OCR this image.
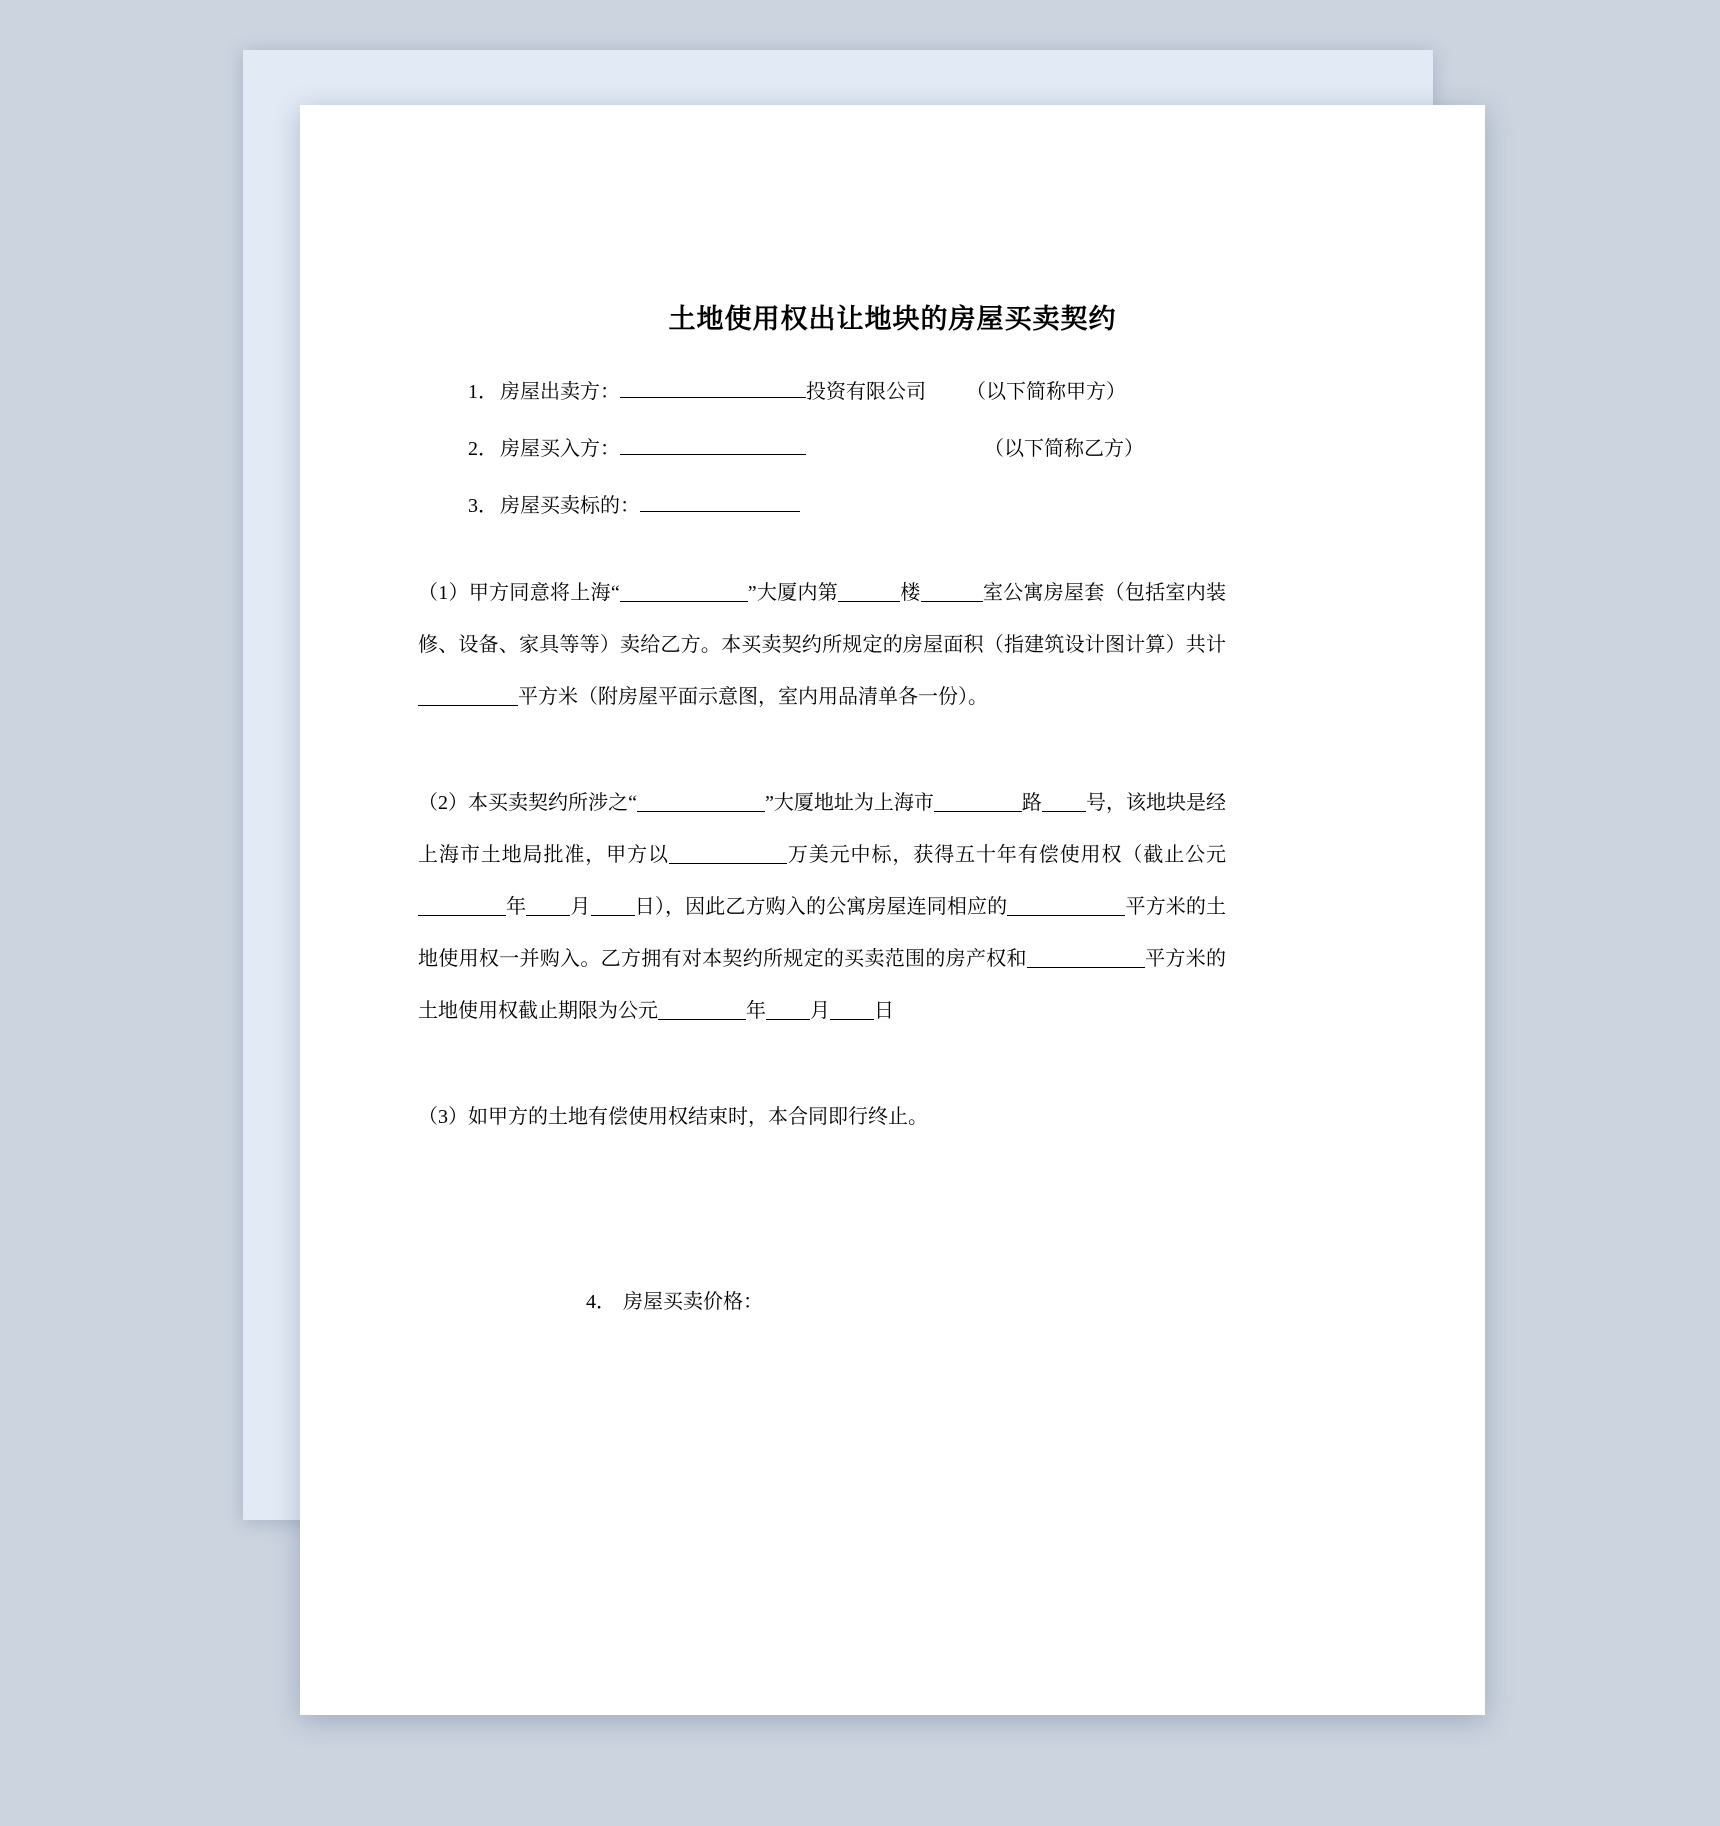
土地使用权出让地块的房屋买卖契约
1． 房屋出卖方：	投资有限公司 （以下简称甲方）
2． 房屋买入方：	（以下简称乙方）
3． 房屋买卖标的：

（1）甲方同意将上海“	”大厦内第	楼	室公寓房屋套（包括室内装修、设备、家具等等）卖给乙方。本买卖契约所规定的房屋面积（指建筑设计图计算）共计平方米（附房屋平面示意图，室内用品清单各一份）。

（2）本买卖契约所涉之“	”大厦地址为上海市	路 号，该地块是经上海市土地局批准，甲方以	万美元中标，获得五十年有偿使用权（截止公元年 月 日），因此乙方购入的公寓房屋连同相应的	平方米的土地使用权一并购入。乙方拥有对本契约所规定的买卖范围的房产权和	平方米的土地使用权截止期限为公元	年 月 日

（3）如甲方的土地有偿使用权结束时，本合同即行终止。

4． 房屋买卖价格：
